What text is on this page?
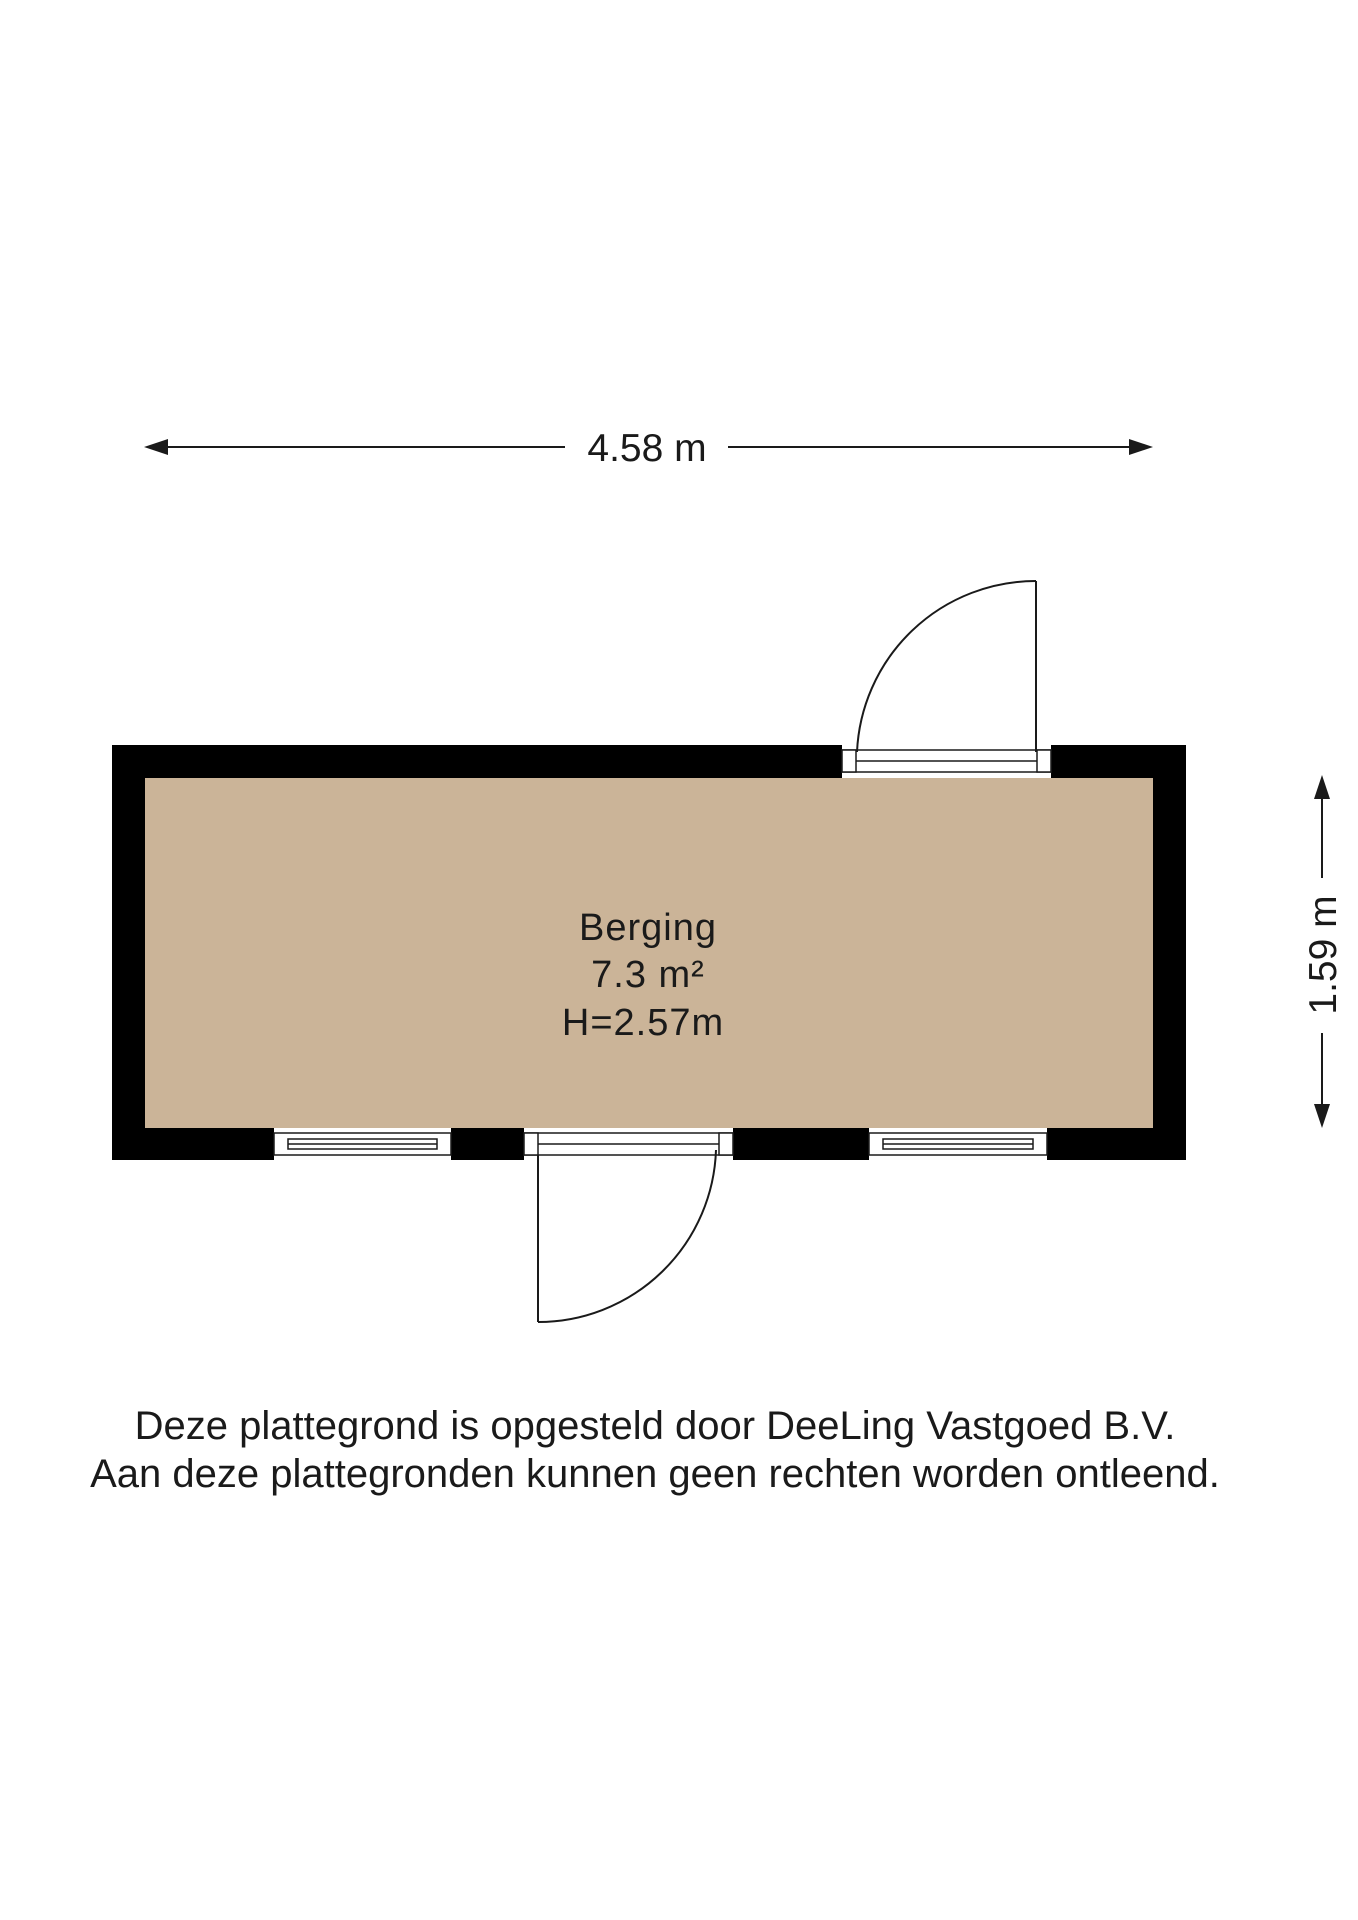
4.58 m
1.59 m
Berging
7.3 m²
H=2.57m
Deze plattegrond is opgesteld door DeeLing Vastgoed B.V.
Aan deze plattegronden kunnen geen rechten worden ontleend.
